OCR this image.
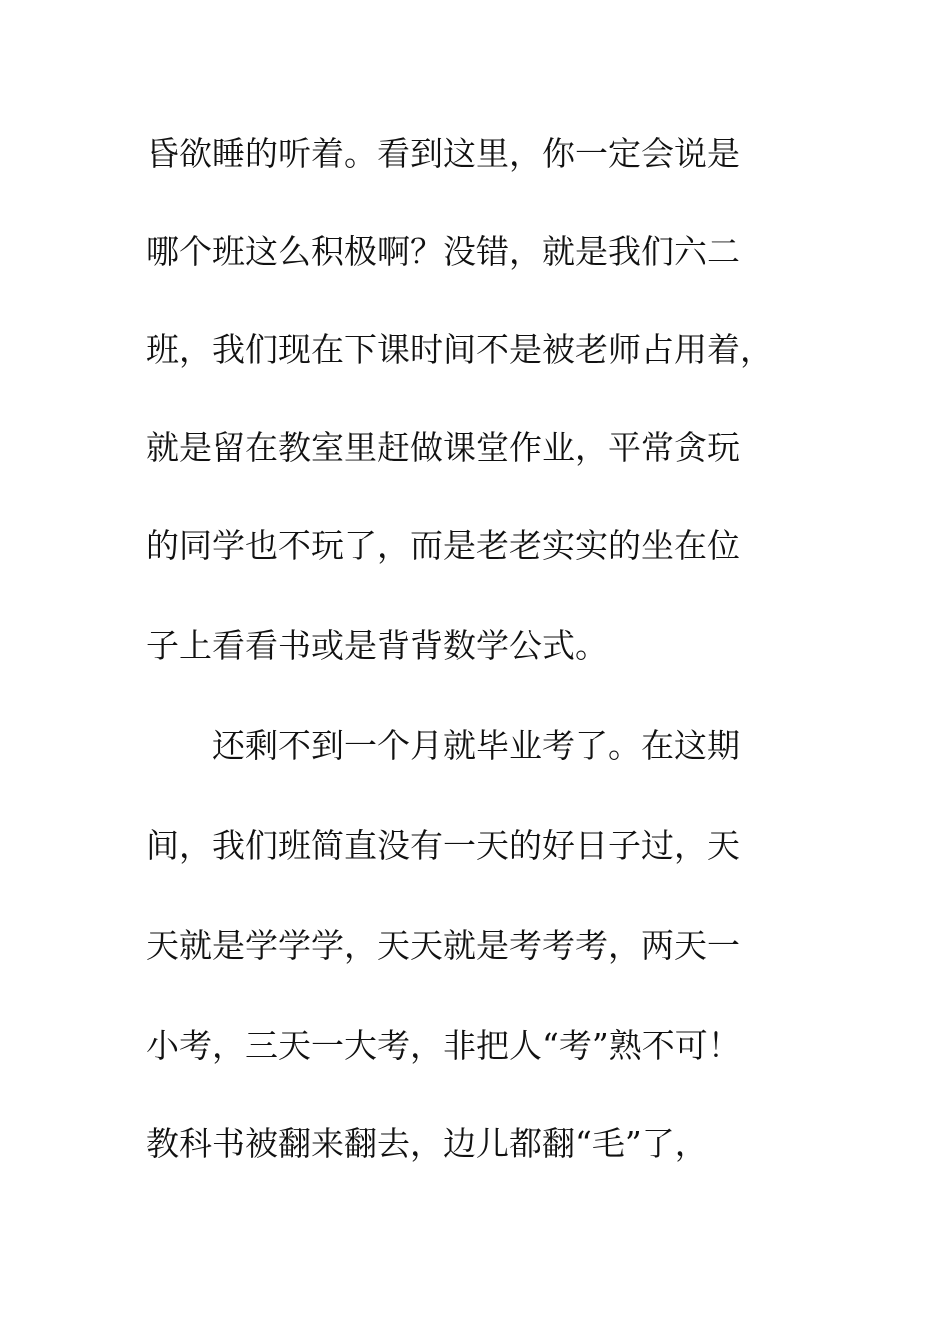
昏欲睡的听着。看到这里，你一定会说是
哪个班这么积极啊？没错，就是我们六二
班，我们现在下课时间不是被老师占用着，
就是留在教室里赶做课堂作业，平常贪玩
的同学也不玩了，而是老老实实的坐在位
子上看看书或是背背数学公式。
还剩不到一个月就毕业考了。在这期
间，我们班简直没有一天的好日子过，天
天就是学学学，天天就是考考考，两天一
小考，三天一大考，非把人“考”熟不可！
教科书被翻来翻去，边儿都翻“毛”了，
